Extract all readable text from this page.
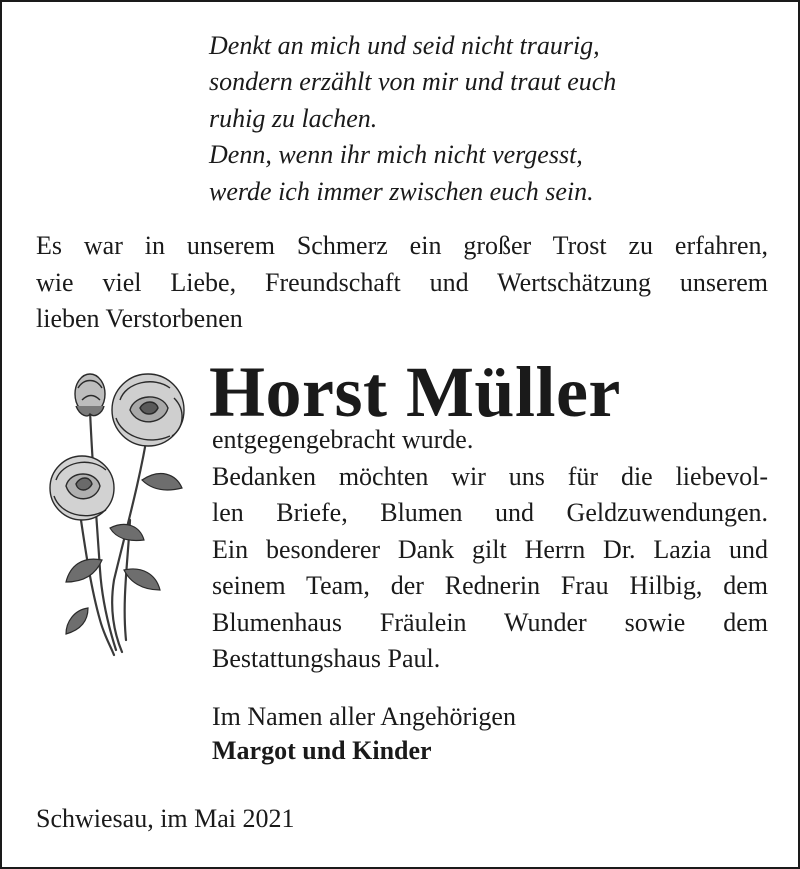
Denkt an mich und seid nicht traurig,
sondern erzählt von mir und traut euch
ruhig zu lachen.
Denn, wenn ihr mich nicht vergesst,
werde ich immer zwischen euch sein.
Es war in unserem Schmerz ein großer Trost zu erfahren,
wie viel Liebe, Freundschaft und Wertschätzung unserem
lieben Verstorbenen
Horst Müller
entgegengebracht wurde.
Bedanken möchten wir uns für die liebevol-
len Briefe, Blumen und Geldzuwendungen.
Ein besonderer Dank gilt Herrn Dr. Lazia und
seinem Team, der Rednerin Frau Hilbig, dem
Blumenhaus Fräulein Wunder sowie dem
Bestattungshaus Paul.
Im Namen aller Angehörigen
Margot und Kinder
Schwiesau, im Mai 2021
